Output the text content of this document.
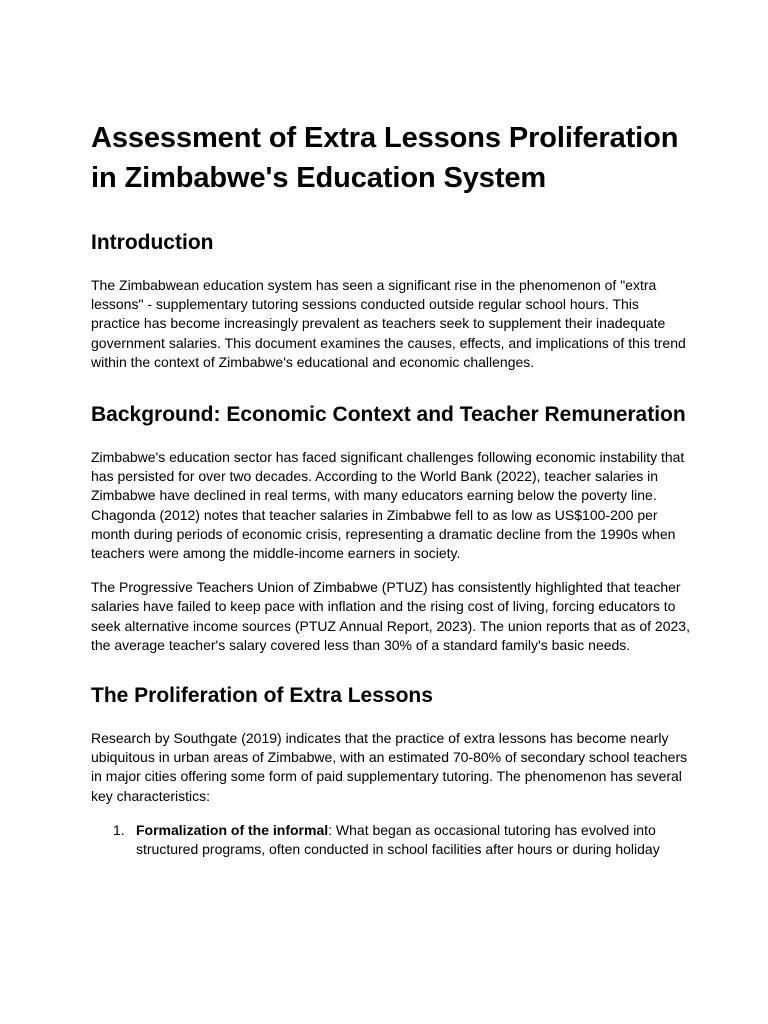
Assessment of Extra Lessons Proliferation in Zimbabwe's Education System
Introduction

The Zimbabwean education system has seen a significant rise in the phenomenon of "extra lessons" - supplementary tutoring sessions conducted outside regular school hours. This practice has become increasingly prevalent as teachers seek to supplement their inadequate government salaries. This document examines the causes, effects, and implications of this trend within the context of Zimbabwe's educational and economic challenges.

Background: Economic Context and Teacher Remuneration

Zimbabwe's education sector has faced significant challenges following economic instability that has persisted for over two decades. According to the World Bank (2022), teacher salaries in Zimbabwe have declined in real terms, with many educators earning below the poverty line. Chagonda (2012) notes that teacher salaries in Zimbabwe fell to as low as US$100-200 per month during periods of economic crisis, representing a dramatic decline from the 1990s when teachers were among the middle-income earners in society.

The Progressive Teachers Union of Zimbabwe (PTUZ) has consistently highlighted that teacher salaries have failed to keep pace with inflation and the rising cost of living, forcing educators to seek alternative income sources (PTUZ Annual Report, 2023). The union reports that as of 2023, the average teacher's salary covered less than 30% of a standard family's basic needs.

The Proliferation of Extra Lessons

Research by Southgate (2019) indicates that the practice of extra lessons has become nearly ubiquitous in urban areas of Zimbabwe, with an estimated 70-80% of secondary school teachers in major cities offering some form of paid supplementary tutoring. The phenomenon has several key characteristics:

1. Formalization of the informal: What began as occasional tutoring has evolved into structured programs, often conducted in school facilities after hours or during holiday
